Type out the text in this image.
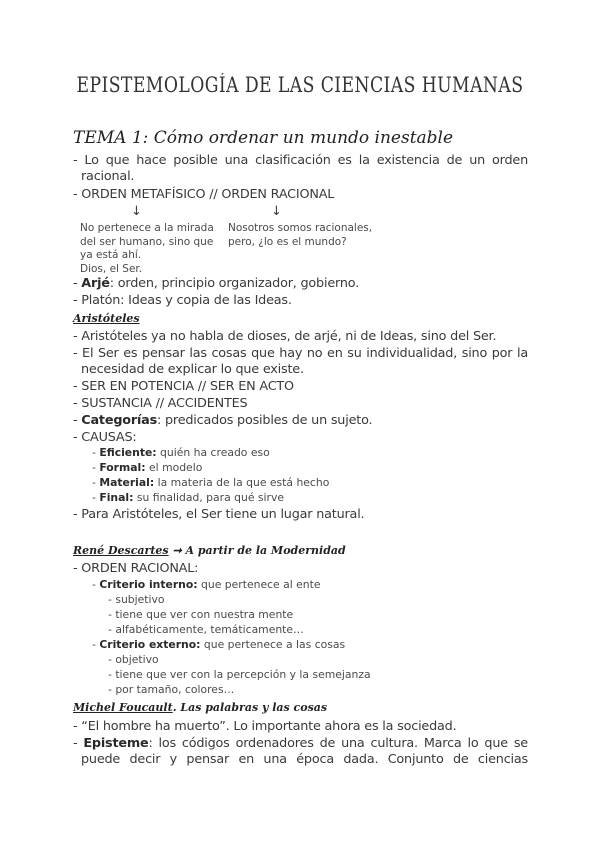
EPISTEMOLOGÍA DE LAS CIENCIAS HUMANAS
TEMA 1: Cómo ordenar un mundo inestable
- Lo que hace posible una clasificación es la existencia de un orden
racional.
- ORDEN METAFÍSICO // ORDEN RACIONAL
↓	↓
No pertenece a la mirada
del ser humano, sino que
ya está ahí.
Dios, el Ser.
Nosotros somos racionales,
pero, ¿lo es el mundo?
- Arjé: orden, principio organizador, gobierno.
- Platón: Ideas y copia de las Ideas.
Aristóteles
- Aristóteles ya no habla de dioses, de arjé, ni de Ideas, sino del Ser.
- El Ser es pensar las cosas que hay no en su individualidad, sino por la
necesidad de explicar lo que existe.
- SER EN POTENCIA // SER EN ACTO
- SUSTANCIA // ACCIDENTES
- Categorías: predicados posibles de un sujeto.
- CAUSAS:
- Eficiente: quién ha creado eso
- Formal: el modelo
- Material: la materia de la que está hecho
- Final: su finalidad, para qué sirve
- Para Aristóteles, el Ser tiene un lugar natural.
René Descartes ➞ A partir de la Modernidad
- ORDEN RACIONAL:
- Criterio interno: que pertenece al ente
- subjetivo
- tiene que ver con nuestra mente
- alfabéticamente, temáticamente…
- Criterio externo: que pertenece a las cosas
- objetivo
- tiene que ver con la percepción y la semejanza
- por tamaño, colores…
Michel Foucault. Las palabras y las cosas
- “El hombre ha muerto”. Lo importante ahora es la sociedad.
- Episteme: los códigos ordenadores de una cultura. Marca lo que se
puede decir y pensar en una época dada. Conjunto de ciencias
